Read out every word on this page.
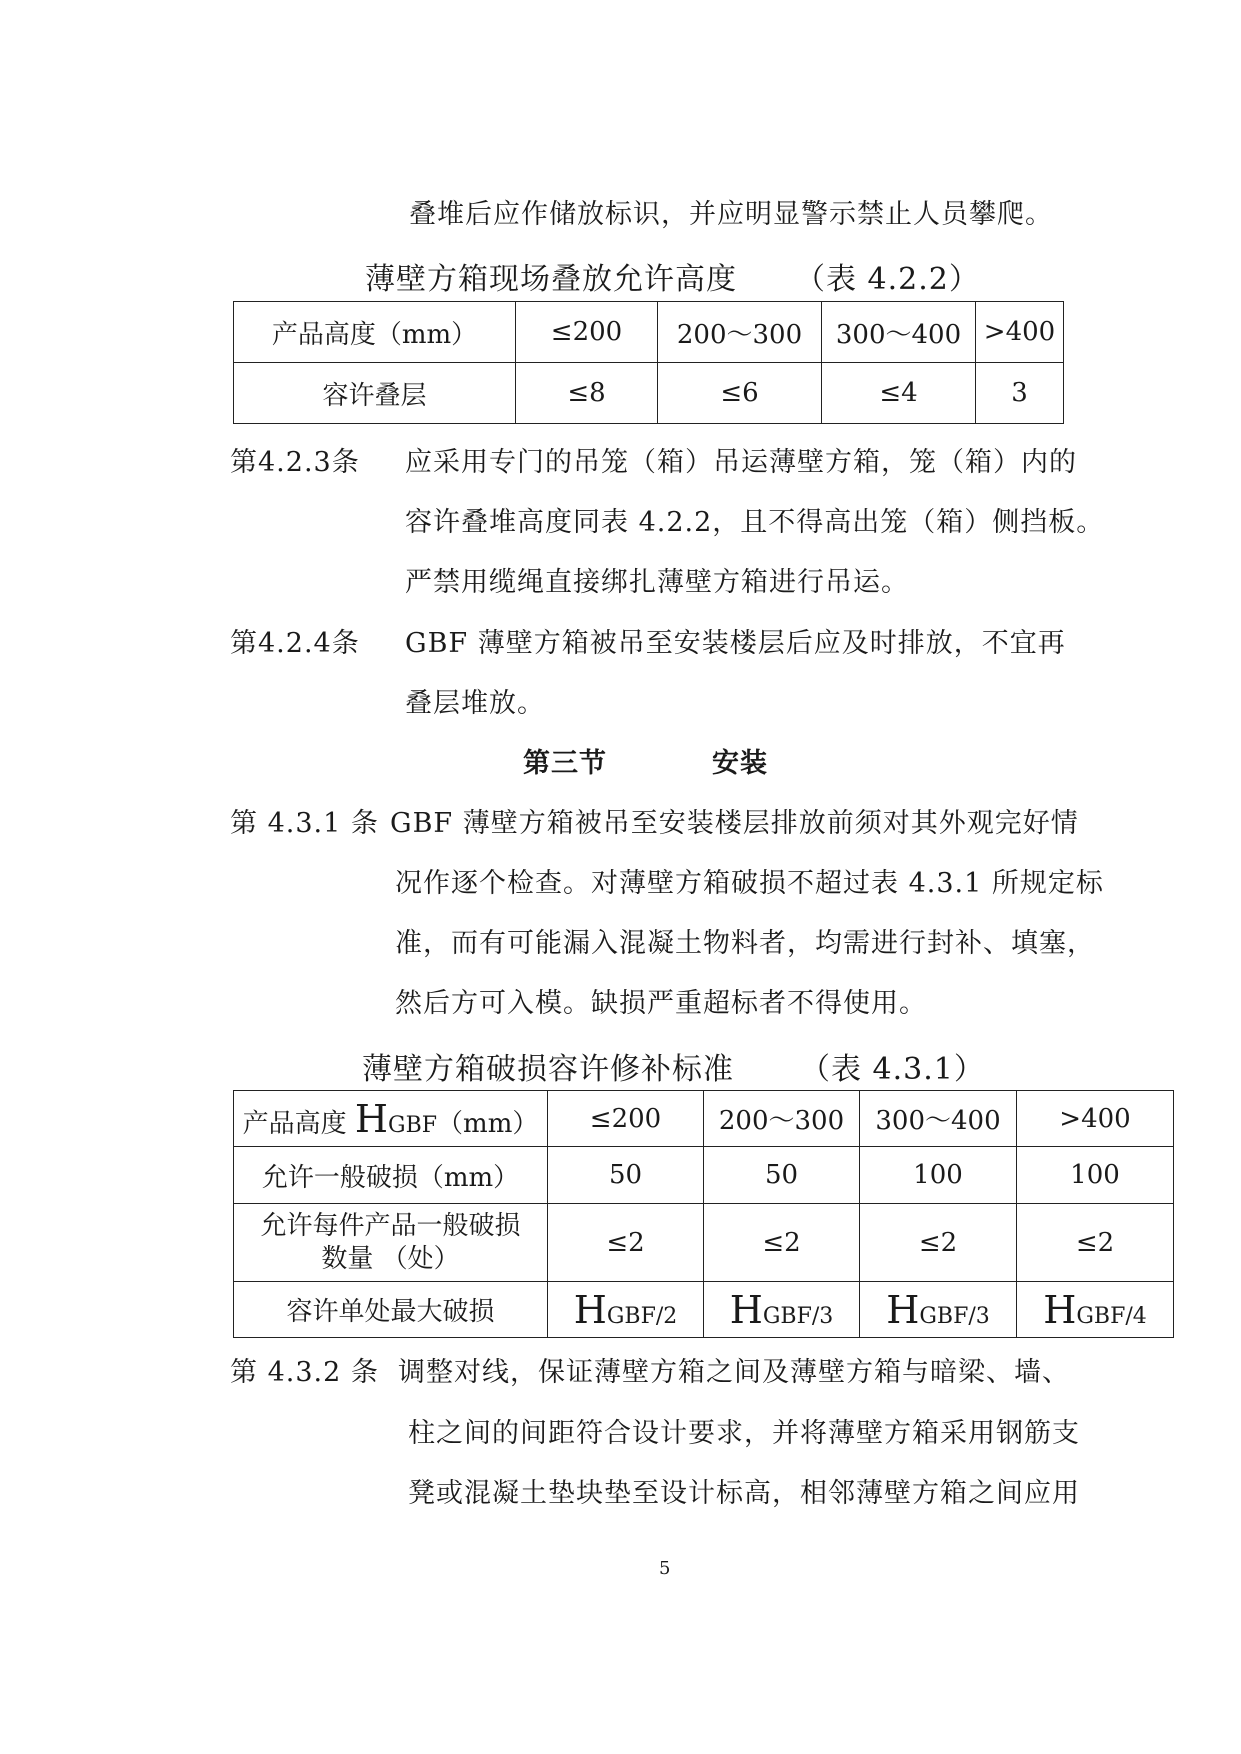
叠堆后应作储放标识，并应明显警示禁止人员攀爬。
薄壁方箱现场叠放允许高度 （表 4.2.2）
产品高度（mm）	≤200	200～300	300～400	>400
容许叠层	≤8	≤6	≤4	3
第4.2.3条 应采用专门的吊笼（箱）吊运薄壁方箱，笼（箱）内的
容许叠堆高度同表 4.2.2，且不得高出笼（箱）侧挡板。
严禁用缆绳直接绑扎薄壁方箱进行吊运。
第4.2.4条 GBF 薄壁方箱被吊至安装楼层后应及时排放，不宜再
叠层堆放。
第三节	安装
第 4.3.1 条 GBF 薄壁方箱被吊至安装楼层排放前须对其外观完好情
况作逐个检查。对薄壁方箱破损不超过表 4.3.1 所规定标
准，而有可能漏入混凝土物料者，均需进行封补、填塞，
然后方可入模。缺损严重超标者不得使用。
薄壁方箱破损容许修补标准 （表 4.3.1）
产品高度 HGBF（mm）	≤200	200～300	300～400	>400
允许一般破损（mm）	50	50	100	100

允许每件产品一般破损
数量 （处）	≤2	≤2	≤2	≤2
容许单处最大破损	HGBF/2	HGBF/3	HGBF/3	HGBF/4
第 4.3.2 条 调整对线，保证薄壁方箱之间及薄壁方箱与暗梁、墙、
柱之间的间距符合设计要求，并将薄壁方箱采用钢筋支
凳或混凝土垫块垫至设计标高，相邻薄壁方箱之间应用
5
